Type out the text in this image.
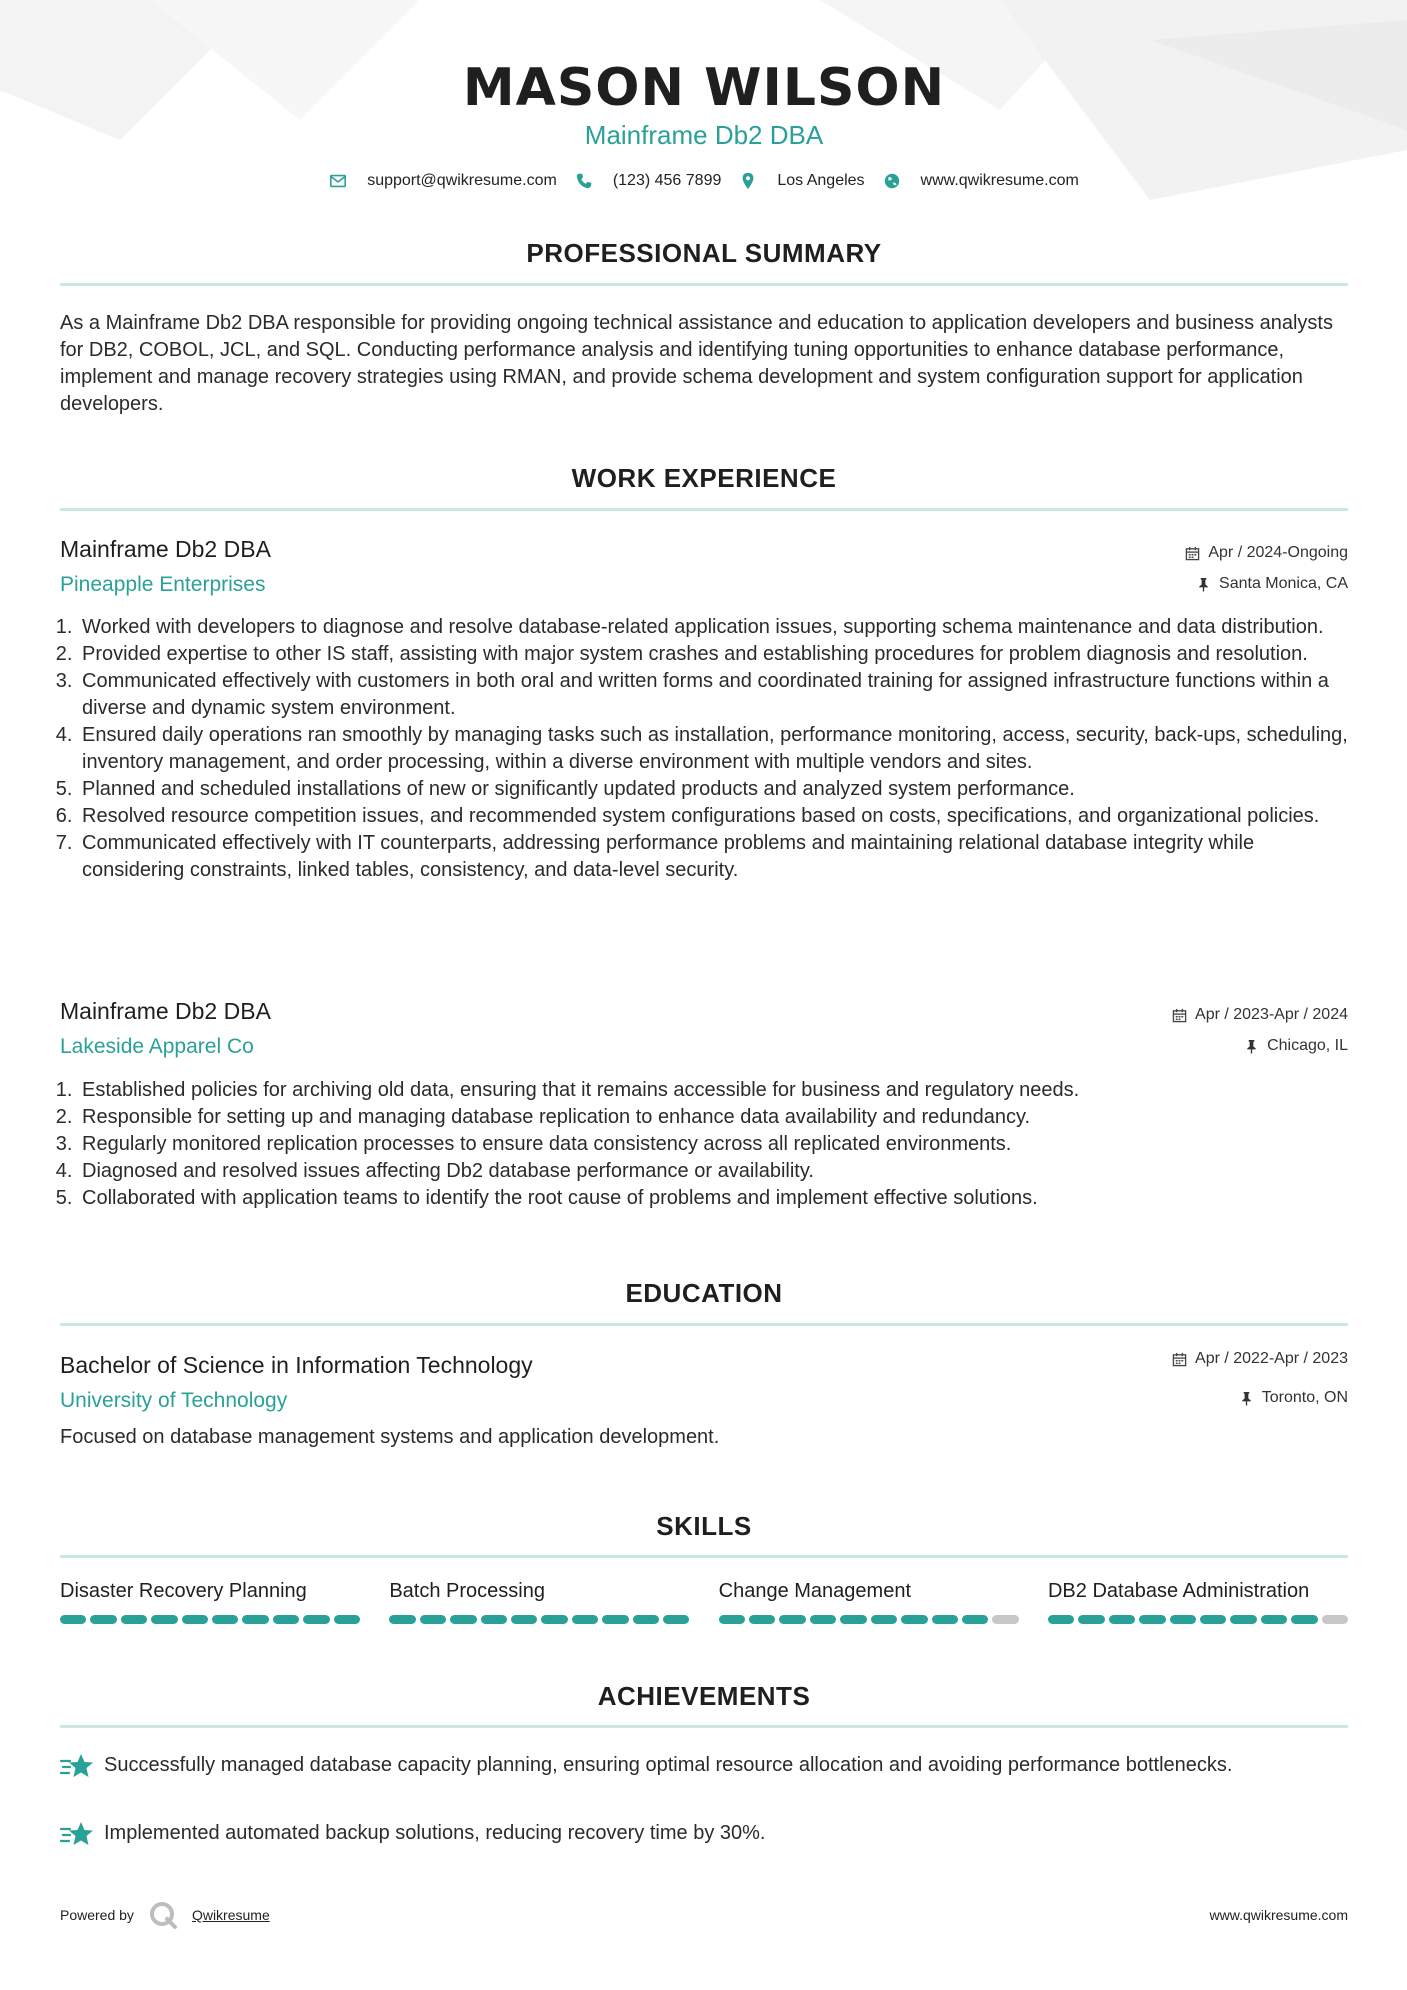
MASON WILSON
Mainframe Db2 DBA
support@qwikresume.com	(123) 456 7899	Los Angeles	www.qwikresume.com
PROFESSIONAL SUMMARY
As a Mainframe Db2 DBA responsible for providing ongoing technical assistance and education to application developers and business analysts for DB2, COBOL, JCL, and SQL. Conducting performance analysis and identifying tuning opportunities to enhance database performance, implement and manage recovery strategies using RMAN, and provide schema development and system configuration support for application developers.
WORK EXPERIENCE
Mainframe Db2 DBA
Pineapple Enterprises
Apr / 2024-Ongoing
Santa Monica, CA
1. Worked with developers to diagnose and resolve database-related application issues, supporting schema maintenance and data distribution.
2. Provided expertise to other IS staff, assisting with major system crashes and establishing procedures for problem diagnosis and resolution.
3. Communicated effectively with customers in both oral and written forms and coordinated training for assigned infrastructure functions within a diverse and dynamic system environment.
4. Ensured daily operations ran smoothly by managing tasks such as installation, performance monitoring, access, security, back-ups, scheduling, inventory management, and order processing, within a diverse environment with multiple vendors and sites.
5. Planned and scheduled installations of new or significantly updated products and analyzed system performance.
6. Resolved resource competition issues, and recommended system configurations based on costs, specifications, and organizational policies.
7. Communicated effectively with IT counterparts, addressing performance problems and maintaining relational database integrity while considering constraints, linked tables, consistency, and data-level security.
Mainframe Db2 DBA
Lakeside Apparel Co
Apr / 2023-Apr / 2024
Chicago, IL
1. Established policies for archiving old data, ensuring that it remains accessible for business and regulatory needs.
2. Responsible for setting up and managing database replication to enhance data availability and redundancy.
3. Regularly monitored replication processes to ensure data consistency across all replicated environments.
4. Diagnosed and resolved issues affecting Db2 database performance or availability.
5. Collaborated with application teams to identify the root cause of problems and implement effective solutions.
EDUCATION
Bachelor of Science in Information Technology
University of Technology
Apr / 2022-Apr / 2023
Toronto, ON
Focused on database management systems and application development.
SKILLS
Disaster Recovery Planning	Batch Processing	Change Management	DB2 Database Administration
ACHIEVEMENTS
Successfully managed database capacity planning, ensuring optimal resource allocation and avoiding performance bottlenecks.
Implemented automated backup solutions, reducing recovery time by 30%.
Powered by	Qwikresume	www.qwikresume.com
